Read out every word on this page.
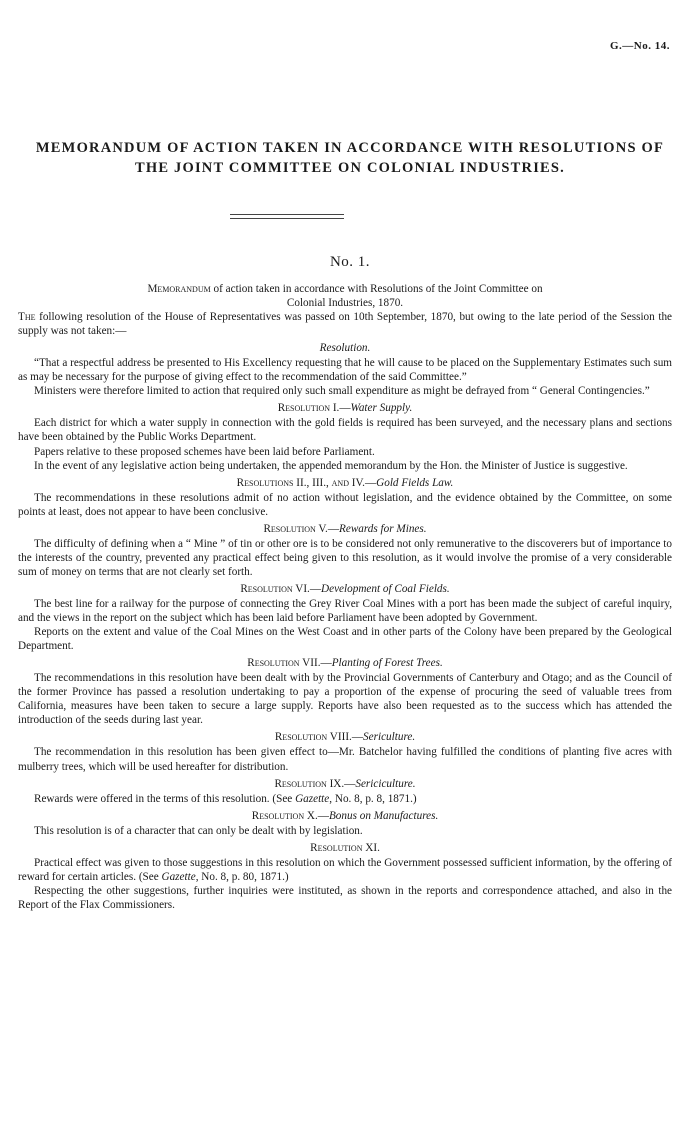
G.—No. 14.
MEMORANDUM OF ACTION TAKEN IN ACCORDANCE WITH RESOLUTIONS OF
THE JOINT COMMITTEE ON COLONIAL INDUSTRIES.
No. 1.

Memorandum of action taken in accordance with Resolutions of the Joint Committee on

Colonial Industries, 1870.

The following resolution of the House of Representatives was passed on 10th September, 1870, but owing to the late period of the Session the supply was not taken:—

Resolution.

“That a respectful address be presented to His Excellency requesting that he will cause to be placed on the Supplementary Estimates such sum as may be necessary for the purpose of giving effect to the recommendation of the said Committee.”

Ministers were therefore limited to action that required only such small expenditure as might be defrayed from “ General Contingencies.”

Resolution I.—Water Supply.

Each district for which a water supply in connection with the gold fields is required has been surveyed, and the necessary plans and sections have been obtained by the Public Works Department.

Papers relative to these proposed schemes have been laid before Parliament.

In the event of any legislative action being undertaken, the appended memorandum by the Hon. the Minister of Justice is suggestive.

Resolutions II., III., and IV.—Gold Fields Law.

The recommendations in these resolutions admit of no action without legislation, and the evidence obtained by the Committee, on some points at least, does not appear to have been conclusive.

Resolution V.—Rewards for Mines.

The difficulty of defining when a “ Mine ” of tin or other ore is to be considered not only remunerative to the discoverers but of importance to the interests of the country, prevented any practical effect being given to this resolution, as it would involve the promise of a very considerable sum of money on terms that are not clearly set forth.

Resolution VI.—Development of Coal Fields.

The best line for a railway for the purpose of connecting the Grey River Coal Mines with a port has been made the subject of careful inquiry, and the views in the report on the subject which has been laid before Parliament have been adopted by Government.

Reports on the extent and value of the Coal Mines on the West Coast and in other parts of the Colony have been prepared by the Geological Department.

Resolution VII.—Planting of Forest Trees.

The recommendations in this resolution have been dealt with by the Provincial Governments of Canterbury and Otago; and as the Council of the former Province has passed a resolution undertaking to pay a proportion of the expense of procuring the seed of valuable trees from California, measures have been taken to secure a large supply. Reports have also been requested as to the success which has attended the introduction of the seeds during last year.

Resolution VIII.—Sericulture.

The recommendation in this resolution has been given effect to—Mr. Batchelor having fulfilled the conditions of planting five acres with mulberry trees, which will be used hereafter for distribution.

Resolution IX.—Sericiculture.

Rewards were offered in the terms of this resolution. (See Gazette, No. 8, p. 8, 1871.)

Resolution X.—Bonus on Manufactures.

This resolution is of a character that can only be dealt with by legislation.

Resolution XI.

Practical effect was given to those suggestions in this resolution on which the Government possessed sufficient information, by the offering of reward for certain articles. (See Gazette, No. 8, p. 80, 1871.)

Respecting the other suggestions, further inquiries were instituted, as shown in the reports and correspondence attached, and also in the Report of the Flax Commissioners.
